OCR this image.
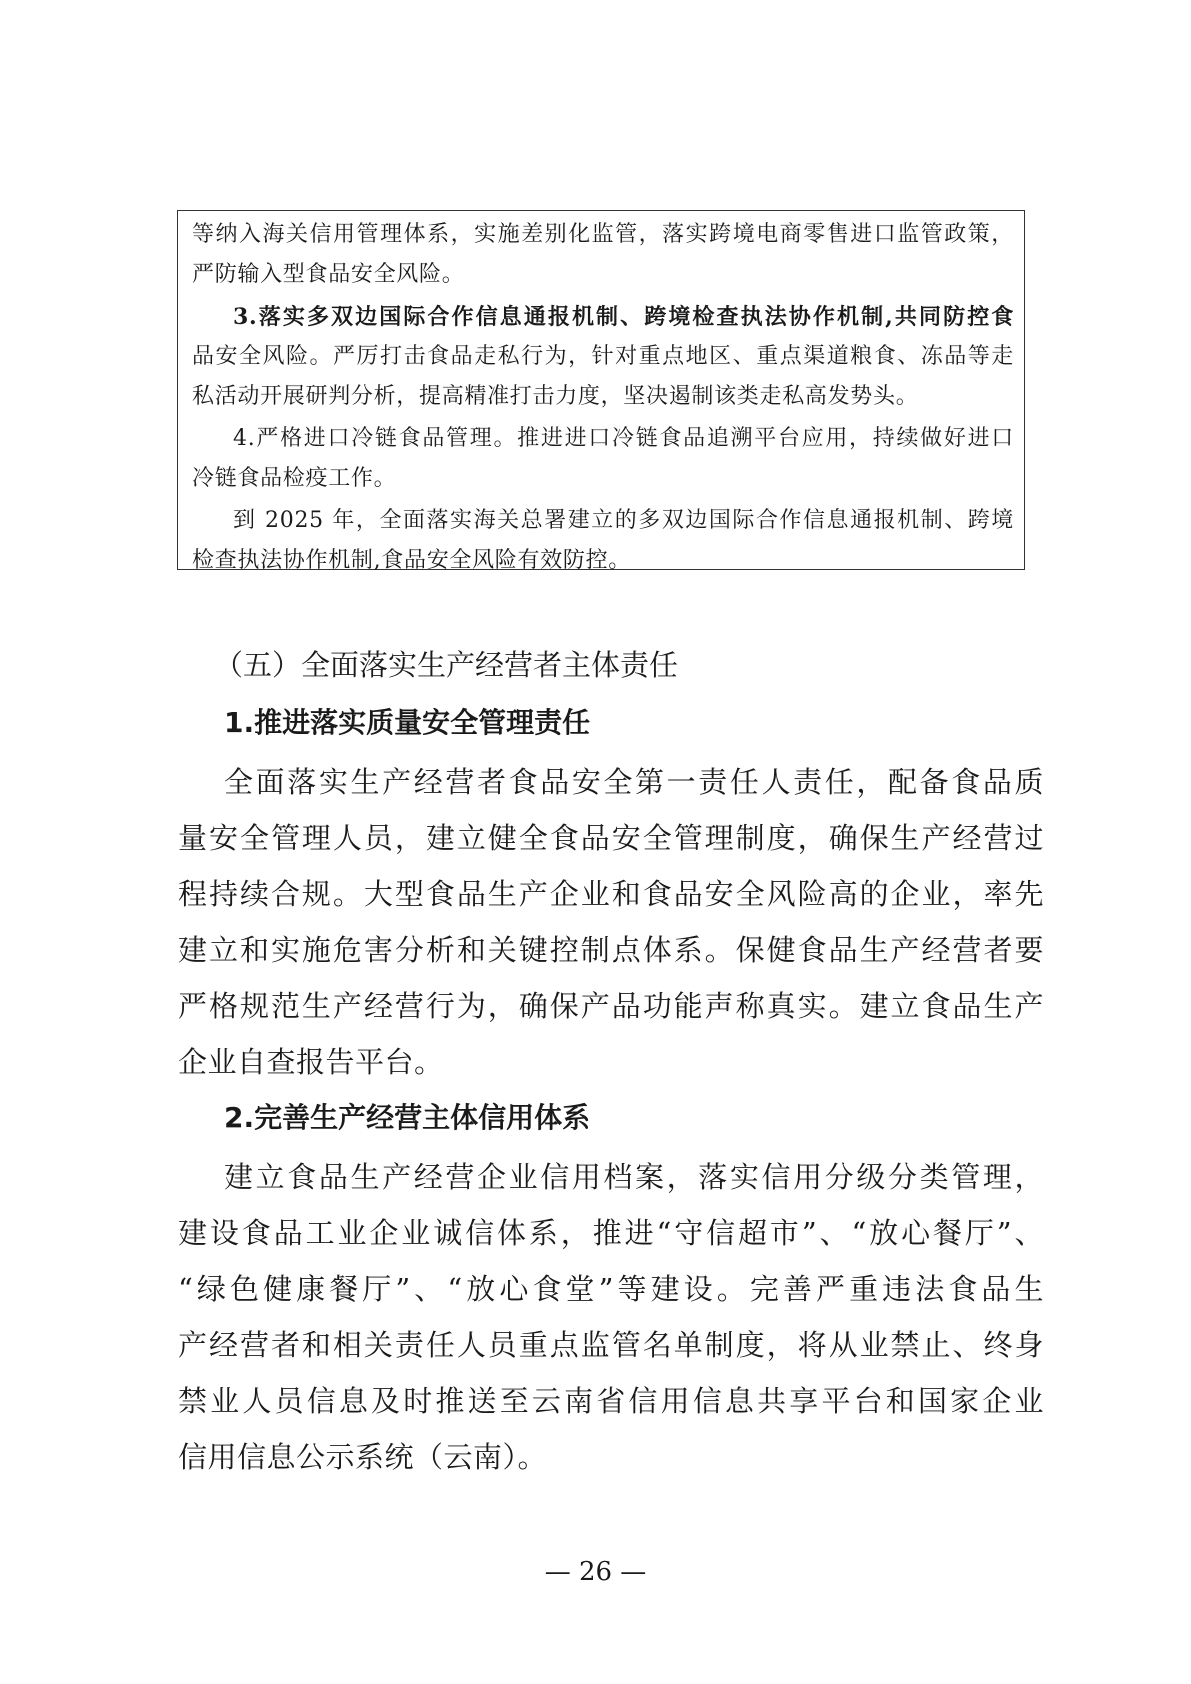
等纳入海关信用管理体系，实施差别化监管，落实跨境电商零售进口监管政策，
严防输入型食品安全风险。
3.落实多双边国际合作信息通报机制、跨境检查执法协作机制,共同防控食
品安全风险。严厉打击食品走私行为，针对重点地区、重点渠道粮食、冻品等走
私活动开展研判分析，提高精准打击力度，坚决遏制该类走私高发势头。
4.严格进口冷链食品管理。推进进口冷链食品追溯平台应用，持续做好进口
冷链食品检疫工作。
到 2025 年，全面落实海关总署建立的多双边国际合作信息通报机制、跨境
检查执法协作机制,食品安全风险有效防控。
（五）全面落实生产经营者主体责任
1.推进落实质量安全管理责任
全面落实生产经营者食品安全第一责任人责任，配备食品质
量安全管理人员，建立健全食品安全管理制度，确保生产经营过
程持续合规。大型食品生产企业和食品安全风险高的企业，率先
建立和实施危害分析和关键控制点体系。保健食品生产经营者要
严格规范生产经营行为，确保产品功能声称真实。建立食品生产
企业自查报告平台。
2.完善生产经营主体信用体系
建立食品生产经营企业信用档案，落实信用分级分类管理，
建设食品工业企业诚信体系，推进“守信超市”、“放心餐厅”、
“绿色健康餐厅”、“放心食堂”等建设。完善严重违法食品生
产经营者和相关责任人员重点监管名单制度，将从业禁止、终身
禁业人员信息及时推送至云南省信用信息共享平台和国家企业
信用信息公示系统（云南）。
— 26 —
